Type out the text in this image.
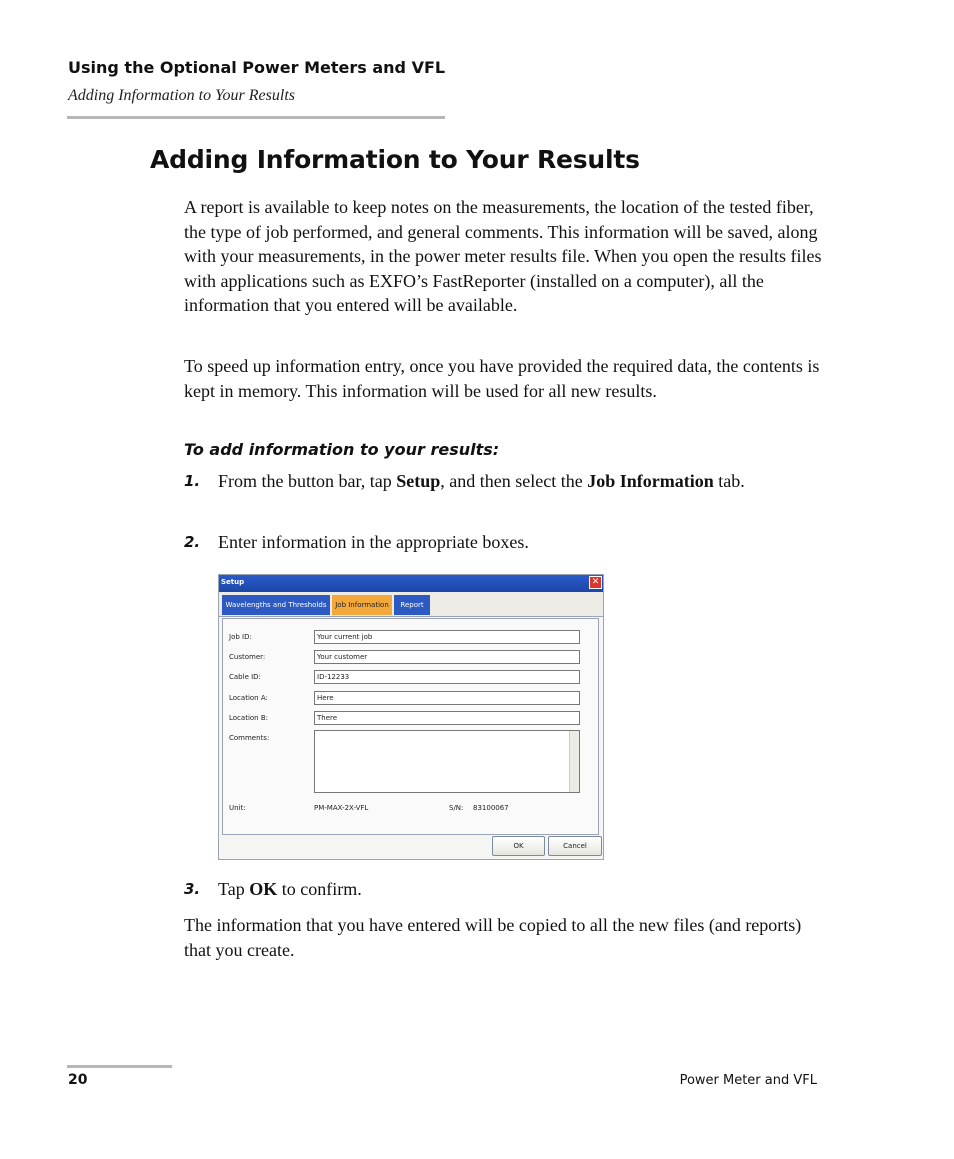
Using the Optional Power Meters and VFL
Adding Information to Your Results
Adding Information to Your Results
A report is available to keep notes on the measurements, the location of the tested fiber, the type of job performed, and general comments. This information will be saved, along with your measurements, in the power meter results file. When you open the results files with applications such as EXFO’s FastReporter (installed on a computer), all the information that you entered will be available.
To speed up information entry, once you have provided the required data, the contents is kept in memory. This information will be used for all new results.
To add information to your results:
1. From the button bar, tap Setup, and then select the Job Information tab.
2. Enter information in the appropriate boxes.
Setup	✕
Wavelengths and Thresholds	Job Information	Report
Job ID:	Your current job
Customer:	Your customer
Cable ID:	ID-12233
Location A:	Here
Location B:	There
Comments:
Unit:	PM-MAX-2X-VFL	S/N: 83100067
OK	Cancel
3. Tap OK to confirm.
The information that you have entered will be copied to all the new files (and reports) that you create.
20	Power Meter and VFL
